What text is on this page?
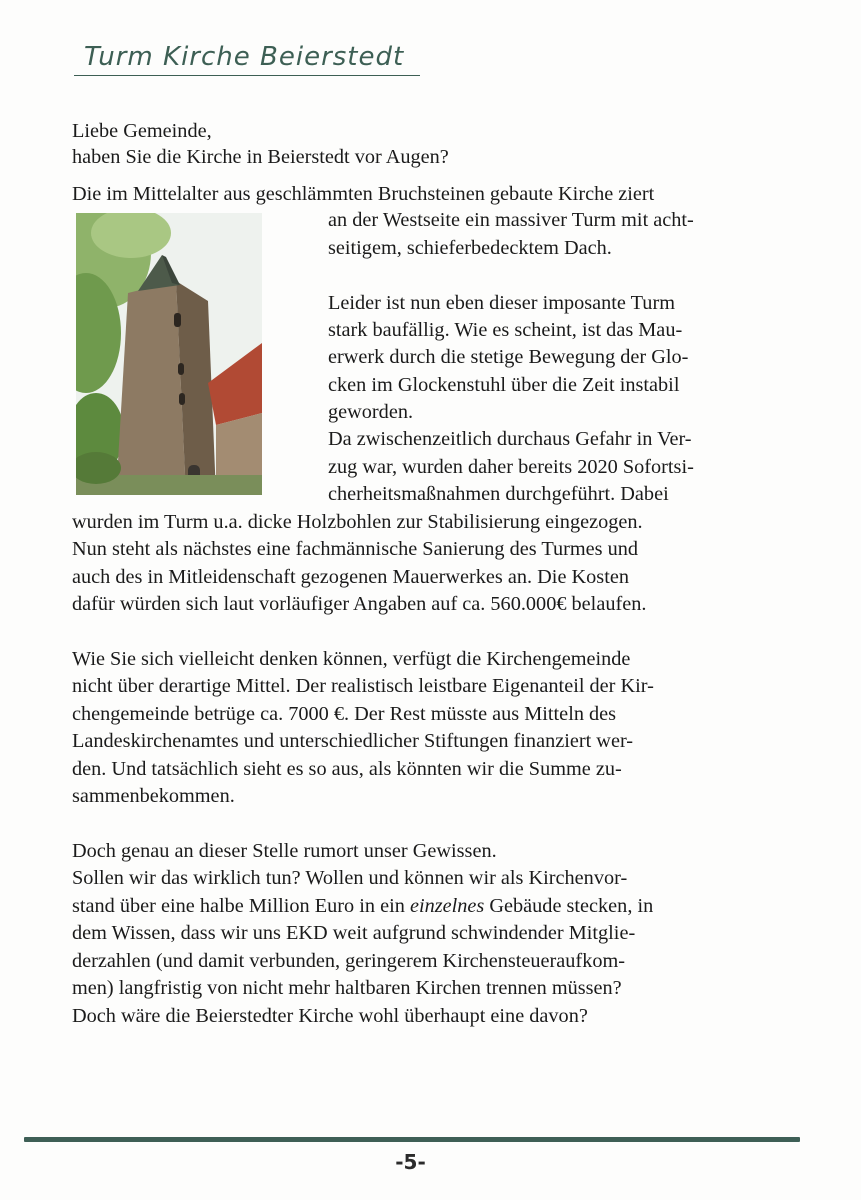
Turm Kirche Beierstedt
Liebe Gemeinde,
haben Sie die Kirche in Beierstedt vor Augen?
Die im Mittelalter aus geschlämmten Bruchsteinen gebaute Kirche ziert
an der Westseite ein massiver Turm mit acht-
seitigem, schieferbedecktem Dach.
Leider ist nun eben dieser imposante Turm
stark baufällig. Wie es scheint, ist das Mau-
erwerk durch die stetige Bewegung der Glo-
cken im Glockenstuhl über die Zeit instabil
geworden.
Da zwischenzeitlich durchaus Gefahr in Ver-
zug war, wurden daher bereits 2020 Sofortsi-
cherheitsmaßnahmen durchgeführt. Dabei
wurden im Turm u.a. dicke Holzbohlen zur Stabilisierung eingezogen.
Nun steht als nächstes eine fachmännische Sanierung des Turmes und
auch des in Mitleidenschaft gezogenen Mauerwerkes an. Die Kosten
dafür würden sich laut vorläufiger Angaben auf ca. 560.000€ belaufen.
Wie Sie sich vielleicht denken können, verfügt die Kirchengemeinde
nicht über derartige Mittel. Der realistisch leistbare Eigenanteil der Kir-
chengemeinde betrüge ca. 7000 €. Der Rest müsste aus Mitteln des
Landeskirchenamtes und unterschiedlicher Stiftungen finanziert wer-
den. Und tatsächlich sieht es so aus, als könnten wir die Summe zu-
sammenbekommen.
Doch genau an dieser Stelle rumort unser Gewissen.
Sollen wir das wirklich tun? Wollen und können wir als Kirchenvor-
stand über eine halbe Million Euro in ein einzelnes Gebäude stecken, in
dem Wissen, dass wir uns EKD weit aufgrund schwindender Mitglie-
derzahlen (und damit verbunden, geringerem Kirchensteueraufkom-
men) langfristig von nicht mehr haltbaren Kirchen trennen müssen?
Doch wäre die Beierstedter Kirche wohl überhaupt eine davon?
-5-
